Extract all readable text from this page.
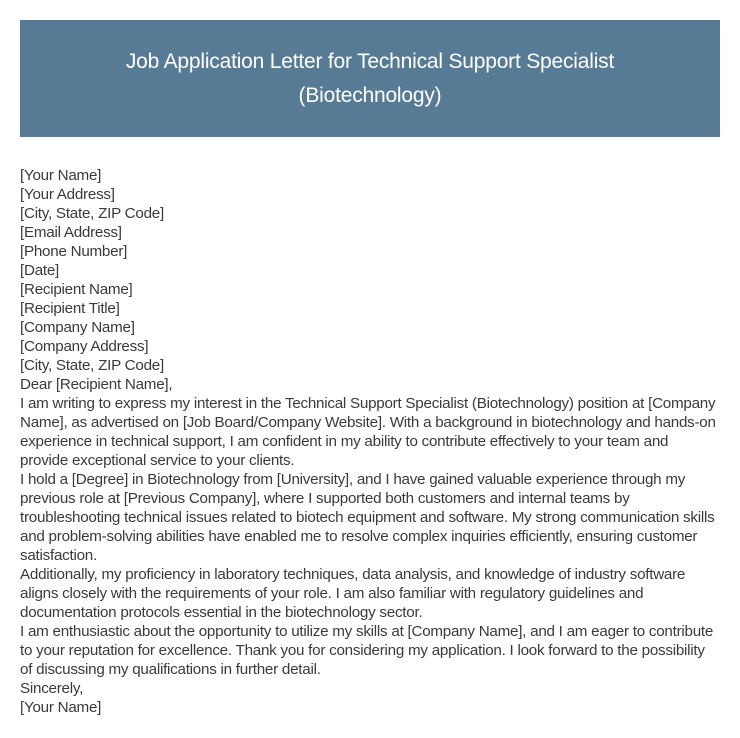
Job Application Letter for Technical Support Specialist (Biotechnology)
[Your Name]
[Your Address]
[City, State, ZIP Code]
[Email Address]
[Phone Number]
[Date]
[Recipient Name]
[Recipient Title]
[Company Name]
[Company Address]
[City, State, ZIP Code]
Dear [Recipient Name],
I am writing to express my interest in the Technical Support Specialist (Biotechnology) position at [Company Name], as advertised on [Job Board/Company Website]. With a background in biotechnology and hands-on experience in technical support, I am confident in my ability to contribute effectively to your team and provide exceptional service to your clients.
I hold a [Degree] in Biotechnology from [University], and I have gained valuable experience through my previous role at [Previous Company], where I supported both customers and internal teams by troubleshooting technical issues related to biotech equipment and software. My strong communication skills and problem-solving abilities have enabled me to resolve complex inquiries efficiently, ensuring customer satisfaction.
Additionally, my proficiency in laboratory techniques, data analysis, and knowledge of industry software aligns closely with the requirements of your role. I am also familiar with regulatory guidelines and documentation protocols essential in the biotechnology sector.
I am enthusiastic about the opportunity to utilize my skills at [Company Name], and I am eager to contribute to your reputation for excellence. Thank you for considering my application. I look forward to the possibility of discussing my qualifications in further detail.
Sincerely,
[Your Name]
